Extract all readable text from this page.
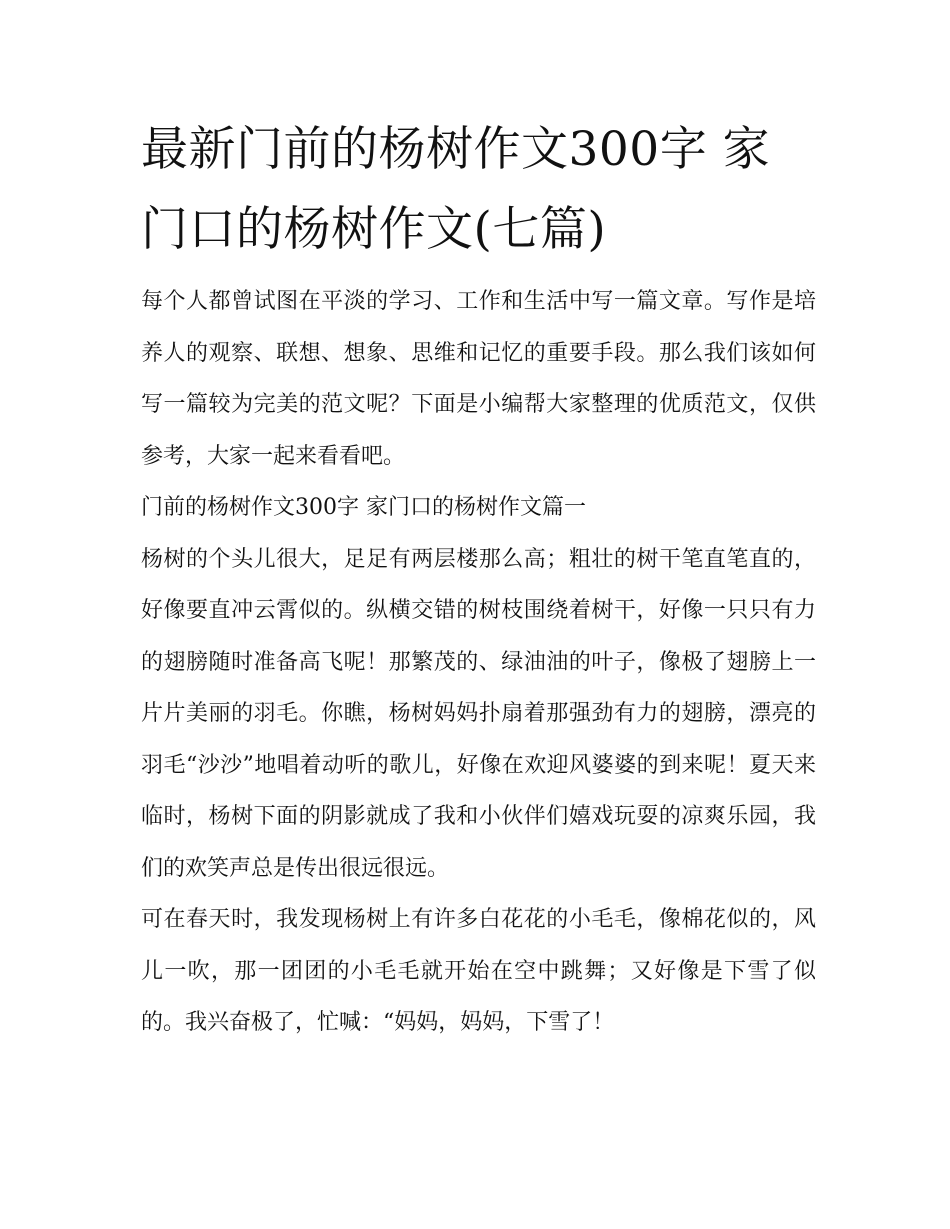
最新门前的杨树作文300字 家门口的杨树作文(七篇)

每个人都曾试图在平淡的学习、工作和生活中写一篇文章。写作是培养人的观察、联想、想象、思维和记忆的重要手段。那么我们该如何写一篇较为完美的范文呢？下面是小编帮大家整理的优质范文，仅供参考，大家一起来看看吧。

门前的杨树作文300字 家门口的杨树作文篇一

杨树的个头儿很大，足足有两层楼那么高；粗壮的树干笔直笔直的，好像要直冲云霄似的。纵横交错的树枝围绕着树干，好像一只只有力的翅膀随时准备高飞呢！那繁茂的、绿油油的叶子，像极了翅膀上一片片美丽的羽毛。你瞧，杨树妈妈扑扇着那强劲有力的翅膀，漂亮的羽毛“沙沙”地唱着动听的歌儿，好像在欢迎风婆婆的到来呢！夏天来临时，杨树下面的阴影就成了我和小伙伴们嬉戏玩耍的凉爽乐园，我们的欢笑声总是传出很远很远。

可在春天时，我发现杨树上有许多白花花的小毛毛，像棉花似的，风儿一吹，那一团团的小毛毛就开始在空中跳舞；又好像是下雪了似的。我兴奋极了，忙喊：“妈妈，妈妈，下雪了！
